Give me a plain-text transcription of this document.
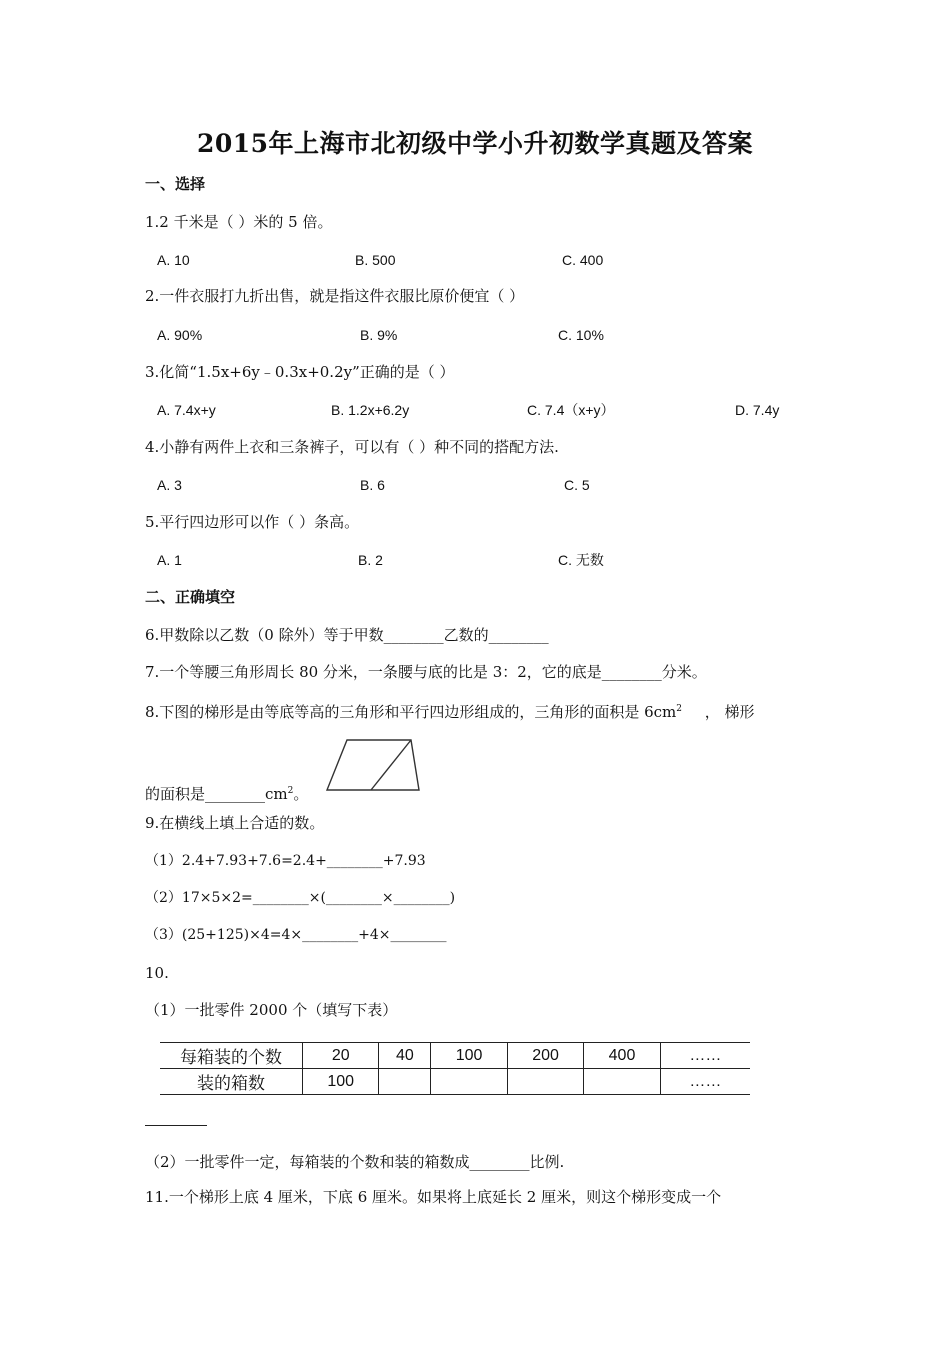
2015年上海市北初级中学小升初数学真题及答案
一、选择
1.2 千米是（ ）米的 5 倍。
A. 10	B. 500	C. 400
2.一件衣服打九折出售，就是指这件衣服比原价便宜（ ）
A. 90%	B. 9%	C. 10%
3.化简“1.5x+6y﹣0.3x+0.2y”正确的是（ ）
A. 7.4x+y	B. 1.2x+6.2y	C. 7.4（x+y）	D. 7.4y
4.小静有两件上衣和三条裤子，可以有（ ）种不同的搭配方法.
A. 3	B. 6	C. 5
5.平行四边形可以作（ ）条高。
A. 1	B. 2	C. 无数
二、正确填空
6.甲数除以乙数（0 除外）等于甲数________乙数的________
7.一个等腰三角形周长 80 分米，一条腰与底的比是 3：2，它的底是________分米。
8.下图的梯形是由等底等高的三角形和平行四边形组成的，三角形的面积是 $6cm^2$ ， 梯形
的面积是$\_\_\_\_\_\_\_\_cm^2$。
9.在横线上填上合适的数。
（1）2.4+7.93+7.6=2.4+________+7.93
（2）17×5×2=________×(________×________)
（3）(25+125)×4=4×________+4×________
10.
（1）一批零件 2000 个（填写下表）
每箱装的个数	20	40	100	200	400	……
装的箱数	100					……
（2）一批零件一定，每箱装的个数和装的箱数成________比例.
11.一个梯形上底 4 厘米，下底 6 厘米。如果将上底延长 2 厘米，则这个梯形变成一个
